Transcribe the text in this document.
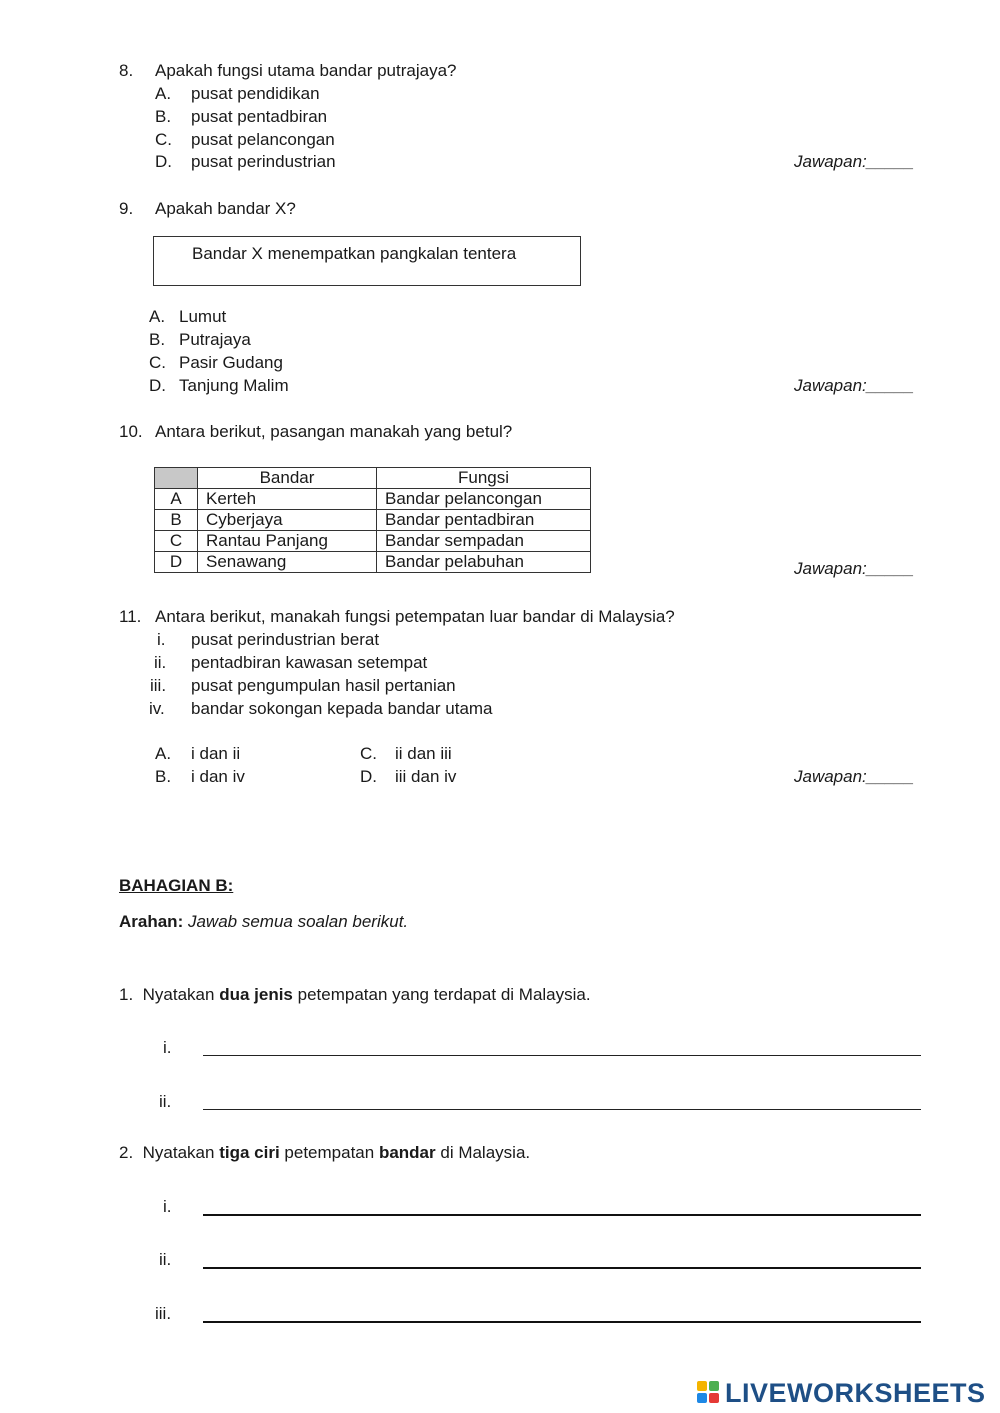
8. Apakah fungsi utama bandar putrajaya?
A. pusat pendidikan
B. pusat pentadbiran
C. pusat pelancongan
D. pusat perindustrian	Jawapan:_____
9. Apakah bandar X?
Bandar X menempatkan pangkalan tentera
A. Lumut
B. Putrajaya
C. Pasir Gudang
D. Tanjung Malim	Jawapan:_____
10. Antara berikut, pasangan manakah yang betul?
	Bandar	Fungsi
A	Kerteh	Bandar pelancongan
B	Cyberjaya	Bandar pentadbiran
C	Rantau Panjang	Bandar sempadan
D	Senawang	Bandar pelabuhan	Jawapan:_____
11. Antara berikut, manakah fungsi petempatan luar bandar di Malaysia?
i. pusat perindustrian berat
ii. pentadbiran kawasan setempat
iii. pusat pengumpulan hasil pertanian
iv. bandar sokongan kepada bandar utama
A. i dan ii
B. i dan iv
C. ii dan iii
D. iii dan iv	Jawapan:_____
BAHAGIAN B:
Arahan: Jawab semua soalan berikut.
1. Nyatakan dua jenis petempatan yang terdapat di Malaysia.
i.
ii.
2. Nyatakan tiga ciri petempatan bandar di Malaysia.
i.
ii.
iii.
LIVEWORKSHEETS
